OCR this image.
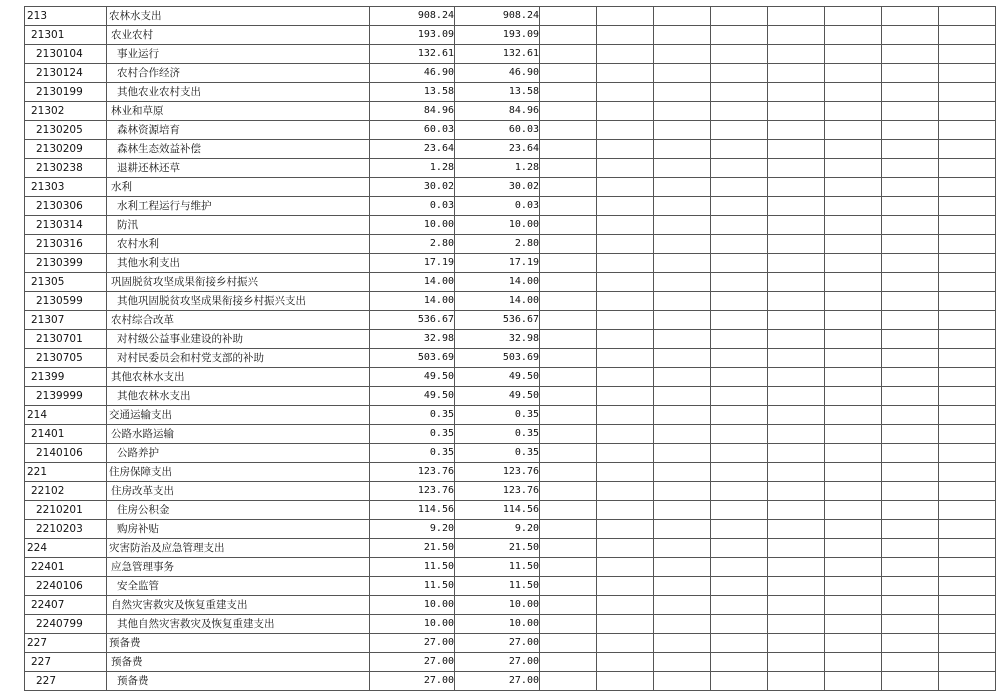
213	农林水支出	908.24	908.24								
21301	农业农村	193.09	193.09								
2130104	事业运行	132.61	132.61								
2130124	农村合作经济	46.90	46.90								
2130199	其他农业农村支出	13.58	13.58								
21302	林业和草原	84.96	84.96								
2130205	森林资源培育	60.03	60.03								
2130209	森林生态效益补偿	23.64	23.64								
2130238	退耕还林还草	1.28	1.28								
21303	水利	30.02	30.02								
2130306	水利工程运行与维护	0.03	0.03								
2130314	防汛	10.00	10.00								
2130316	农村水利	2.80	2.80								
2130399	其他水利支出	17.19	17.19								
21305	巩固脱贫攻坚成果衔接乡村振兴	14.00	14.00								
2130599	其他巩固脱贫攻坚成果衔接乡村振兴支出	14.00	14.00								
21307	农村综合改革	536.67	536.67								
2130701	对村级公益事业建设的补助	32.98	32.98								
2130705	对村民委员会和村党支部的补助	503.69	503.69								
21399	其他农林水支出	49.50	49.50								
2139999	其他农林水支出	49.50	49.50								
214	交通运输支出	0.35	0.35								
21401	公路水路运输	0.35	0.35								
2140106	公路养护	0.35	0.35								
221	住房保障支出	123.76	123.76								
22102	住房改革支出	123.76	123.76								
2210201	住房公积金	114.56	114.56								
2210203	购房补贴	9.20	9.20								
224	灾害防治及应急管理支出	21.50	21.50								
22401	应急管理事务	11.50	11.50								
2240106	安全监管	11.50	11.50								
22407	自然灾害救灾及恢复重建支出	10.00	10.00								
2240799	其他自然灾害救灾及恢复重建支出	10.00	10.00								
227	预备费	27.00	27.00								
227	预备费	27.00	27.00								
227	预备费	27.00	27.00								
